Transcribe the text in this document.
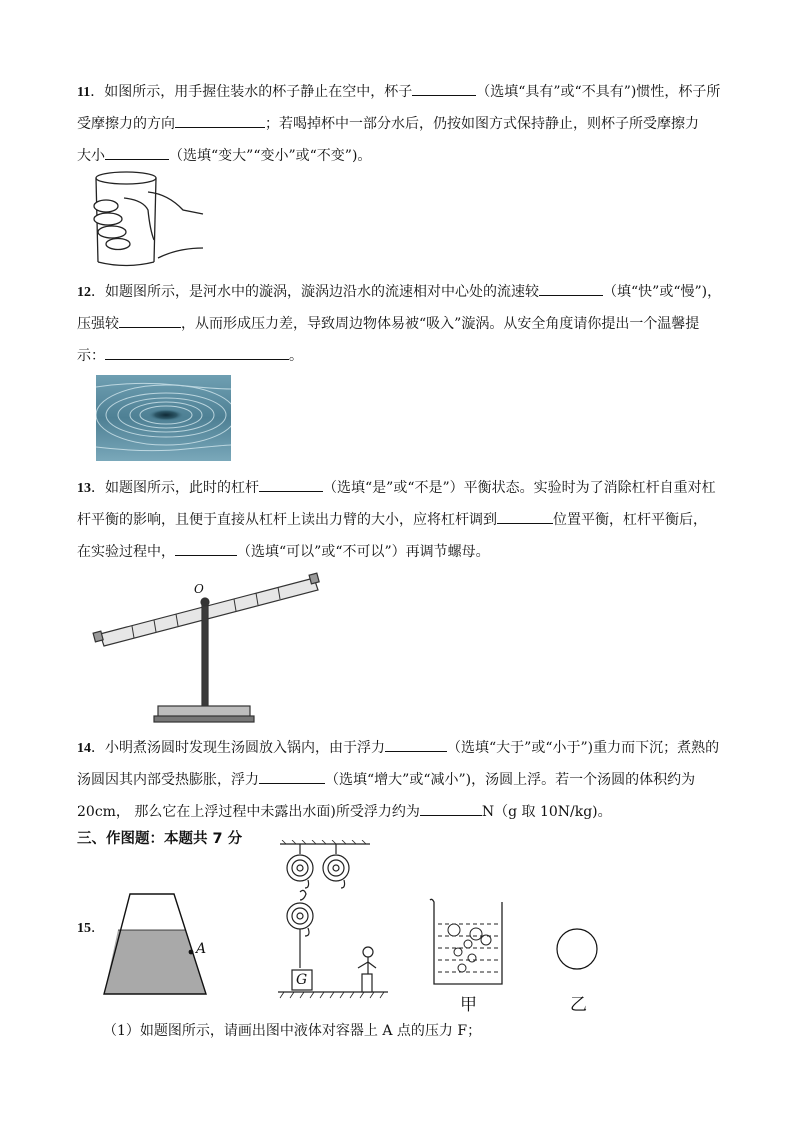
11．如图所示，用手握住装水的杯子静止在空中，杯子	（选填“具有”或“不具有”)惯性，杯子所
受摩擦力的方向	；若喝掉杯中一部分水后，仍按如图方式保持静止，则杯子所受摩擦力
大小	（选填“变大”“变小”或“不变”)。
12．如题图所示，是河水中的漩涡，漩涡边沿水的流速相对中心处的流速较	（填“快”或“慢”)，
压强较	，从而形成压力差，导致周边物体易被“吸入”漩涡。从安全角度请你提出一个温馨提
示：	。
13．如题图所示，此时的杠杆	（选填“是”或“不是”）平衡状态。实验时为了消除杠杆自重对杠
杆平衡的影响，且便于直接从杠杆上读出力臂的大小，应将杠杆调到	位置平衡，杠杆平衡后，
在实验过程中，	（选填“可以”或“不可以”）再调节螺母。
O
14．小明煮汤圆时发现生汤圆放入锅内，由于浮力	（选填“大于”或“小于”)重力而下沉；煮熟的
汤圆因其内部受热膨胀，浮力	（选填“增大”或“减小”)，汤圆上浮。若一个汤圆的体积约为
20cm， 那么它在上浮过程中未露出水面)所受浮力约为	N（g 取 10N/kg)。
三、作图题：本题共 7 分
15．
A
G
甲	乙
（1）如题图所示，请画出图中液体对容器上 A 点的压力 F；
